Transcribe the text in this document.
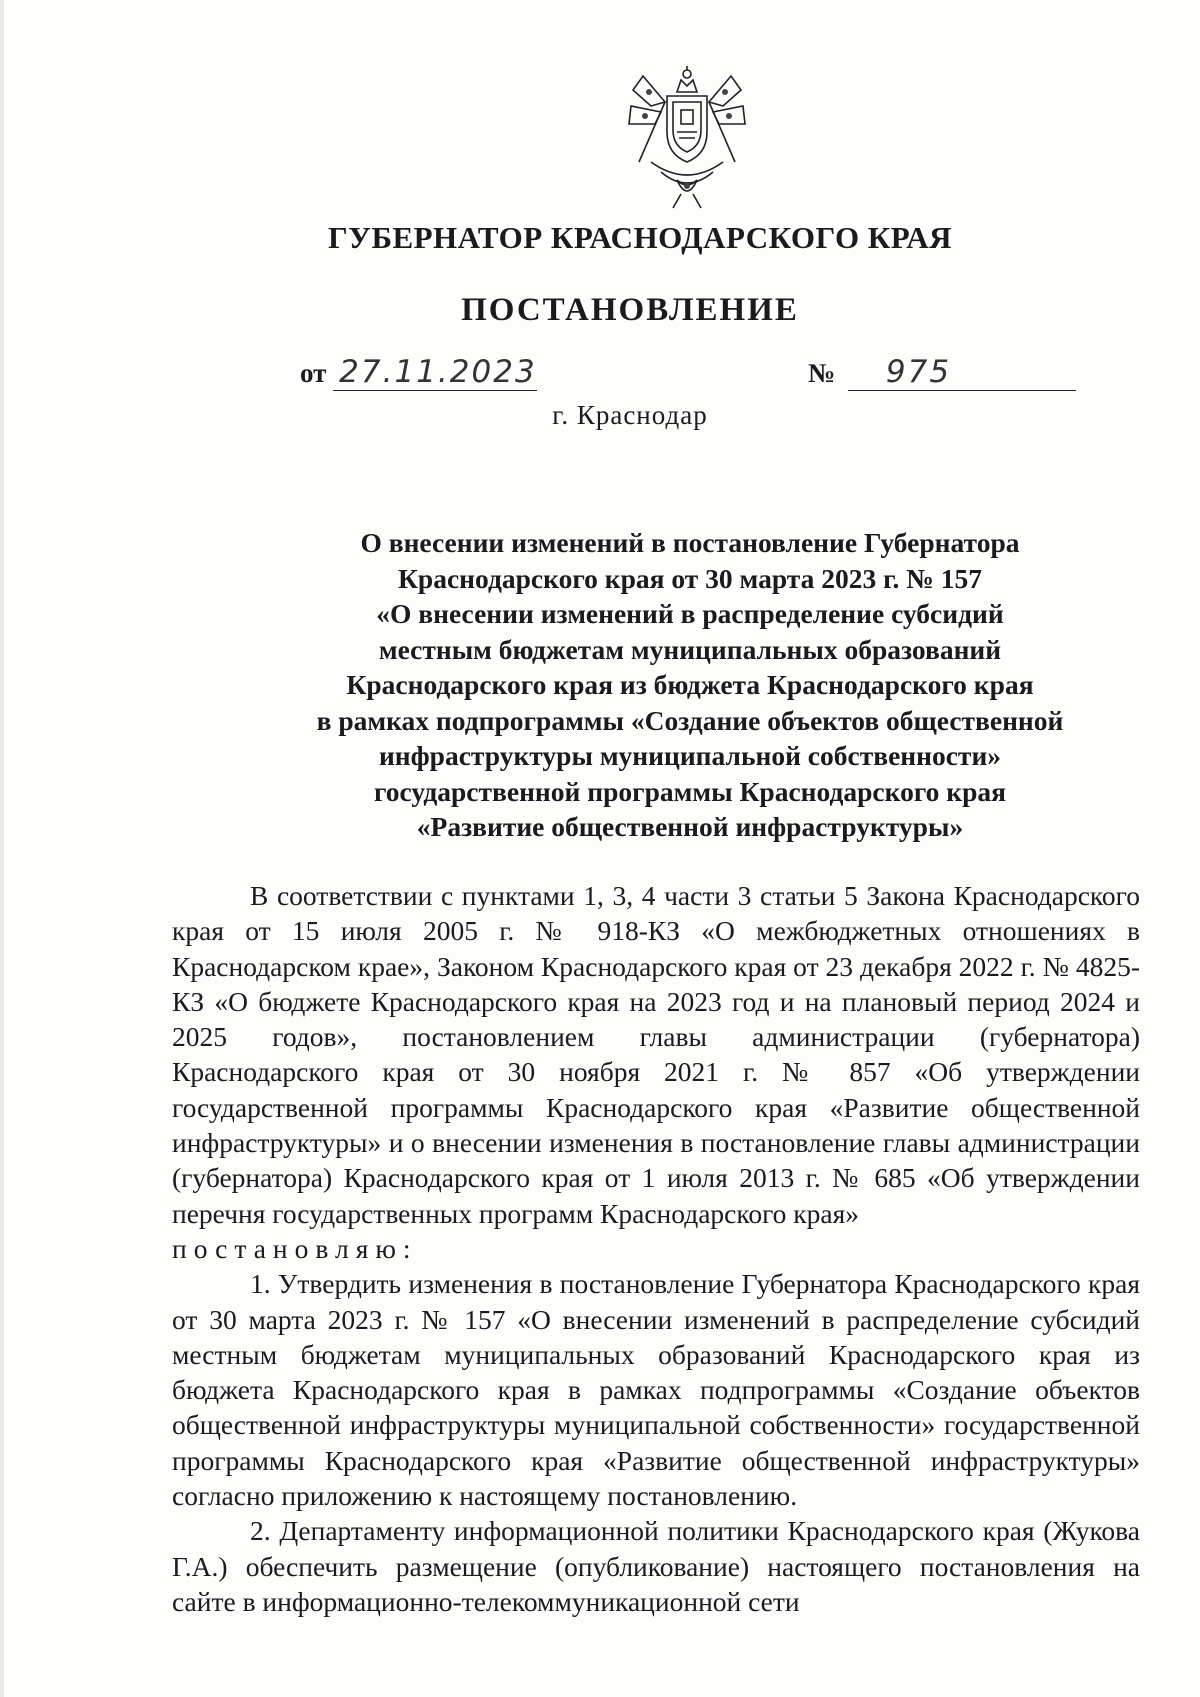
ГУБЕРНАТОР КРАСНОДАРСКОГО КРАЯ
ПОСТАНОВЛЕНИЕ
от 27.11.2023	№ 975
г. Краснодар
О внесении изменений в постановление Губернатора
Краснодарского края от 30 марта 2023 г. № 157
«О внесении изменений в распределение субсидий
местным бюджетам муниципальных образований
Краснодарского края из бюджета Краснодарского края
в рамках подпрограммы «Создание объектов общественной
инфраструктуры муниципальной собственности»
государственной программы Краснодарского края
«Развитие общественной инфраструктуры»

В соответствии с пунктами 1, 3, 4 части 3 статьи 5 Закона Краснодарского края от 15 июля 2005 г. № 918-КЗ «О межбюджетных отношениях в Краснодарском крае», Законом Краснодарского края от 23 декабря 2022 г. № 4825-КЗ «О бюджете Краснодарского края на 2023 год и на плановый период 2024 и 2025 годов», постановлением главы администрации (губернатора) Краснодарского края от 30 ноября 2021 г. № 857 «Об утверждении государственной программы Краснодарского края «Развитие общественной инфраструктуры» и о внесении изменения в постановление главы администрации (губернатора) Краснодарского края от 1 июля 2013 г. № 685 «Об утверждении перечня государственных программ Краснодарского края»

постановляю:

1. Утвердить изменения в постановление Губернатора Краснодарского края от 30 марта 2023 г. № 157 «О внесении изменений в распределение субсидий местным бюджетам муниципальных образований Краснодарского края из бюджета Краснодарского края в рамках подпрограммы «Создание объектов общественной инфраструктуры муниципальной собственности» государственной программы Краснодарского края «Развитие общественной инфраструктуры» согласно приложению к настоящему постановлению.

2. Департаменту информационной политики Краснодарского края (Жукова Г.А.) обеспечить размещение (опубликование) настоящего постановления на сайте в информационно-телекоммуникационной сети
